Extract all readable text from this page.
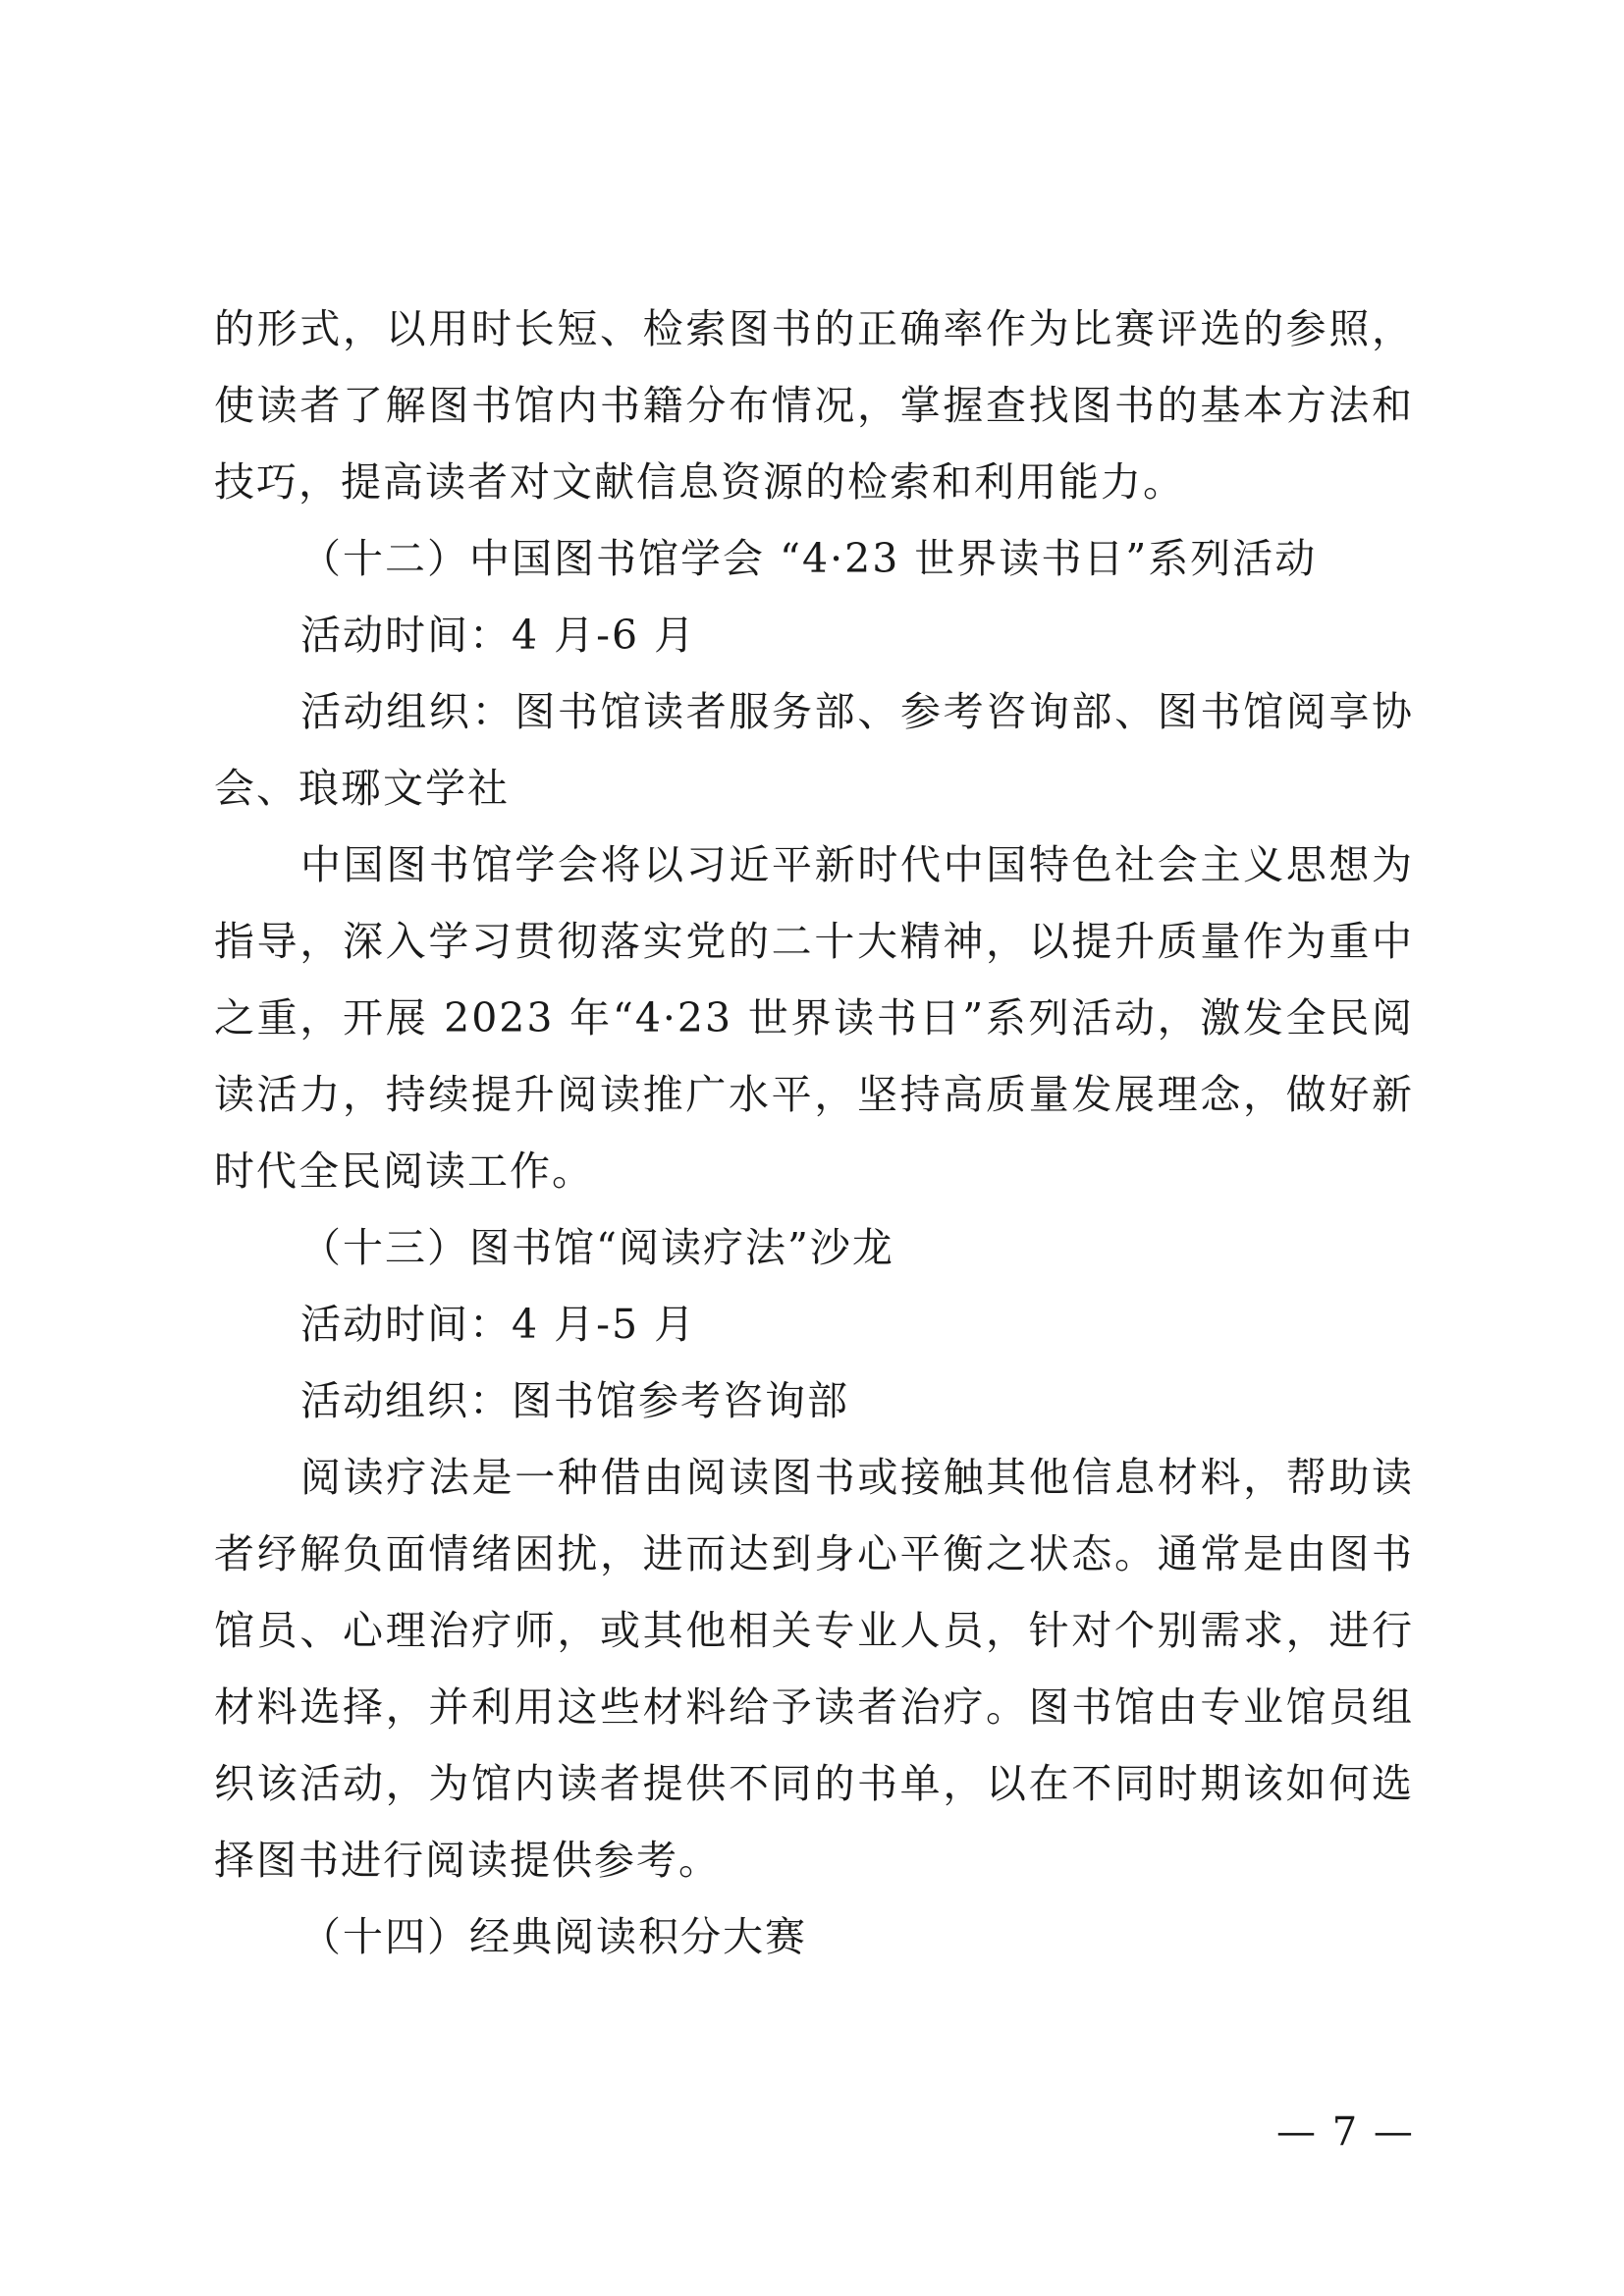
的形式，以用时长短、检索图书的正确率作为比赛评选的参照，使读者了解图书馆内书籍分布情况，掌握查找图书的基本方法和技巧，提高读者对文献信息资源的检索和利用能力。

（十二）中国图书馆学会 “4·23 世界读书日”系列活动

活动时间：4 月-6 月

活动组织：图书馆读者服务部、参考咨询部、图书馆阅享协会、琅琊文学社

中国图书馆学会将以习近平新时代中国特色社会主义思想为指导，深入学习贯彻落实党的二十大精神，以提升质量作为重中之重，开展 2023 年“4·23 世界读书日”系列活动，激发全民阅读活力，持续提升阅读推广水平，坚持高质量发展理念，做好新时代全民阅读工作。

（十三）图书馆“阅读疗法”沙龙

活动时间：4 月-5 月

活动组织：图书馆参考咨询部

阅读疗法是一种借由阅读图书或接触其他信息材料，帮助读者纾解负面情绪困扰，进而达到身心平衡之状态。通常是由图书馆员、心理治疗师，或其他相关专业人员，针对个别需求，进行材料选择，并利用这些材料给予读者治疗。图书馆由专业馆员组织该活动，为馆内读者提供不同的书单，以在不同时期该如何选择图书进行阅读提供参考。

（十四）经典阅读积分大赛

— 7 —
